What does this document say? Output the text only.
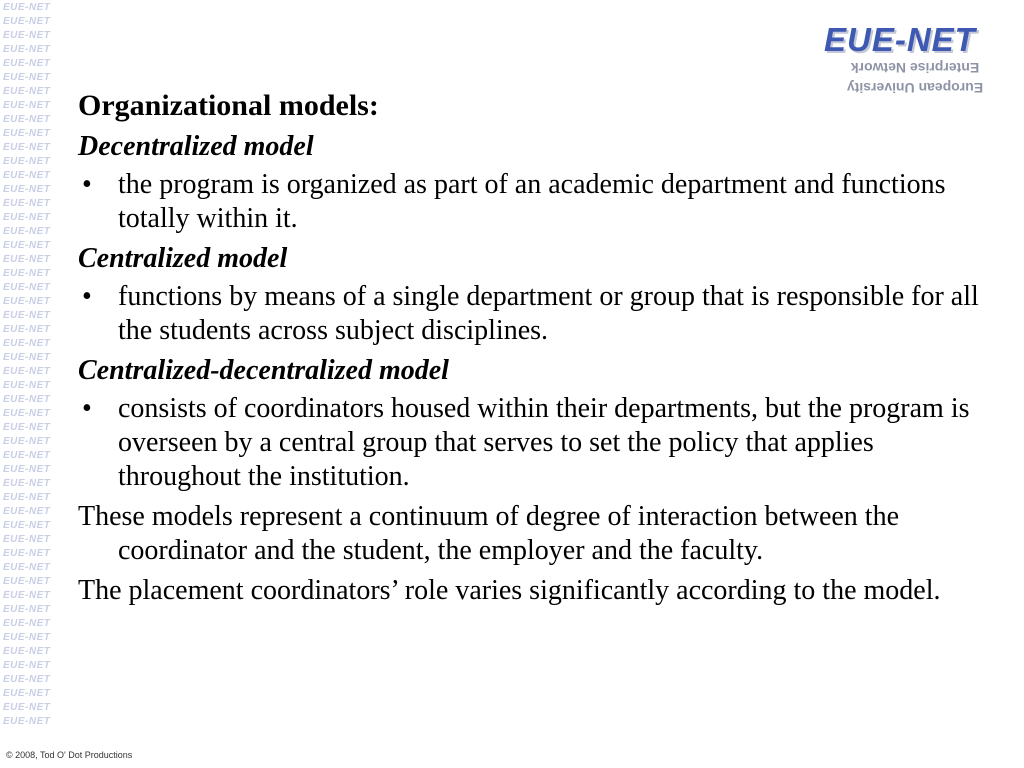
EUE-NET
EUE-NET
EUE-NET
EUE-NET
EUE-NET
EUE-NET
EUE-NET
EUE-NET
EUE-NET
EUE-NET
EUE-NET
EUE-NET
EUE-NET
EUE-NET
EUE-NET
EUE-NET
EUE-NET
EUE-NET
EUE-NET
EUE-NET
EUE-NET
EUE-NET
EUE-NET
EUE-NET
EUE-NET
EUE-NET
EUE-NET
EUE-NET
EUE-NET
EUE-NET
EUE-NET
EUE-NET
EUE-NET
EUE-NET
EUE-NET
EUE-NET
EUE-NET
EUE-NET
EUE-NET
EUE-NET
EUE-NET
EUE-NET
EUE-NET
EUE-NET
EUE-NET
EUE-NET
EUE-NET
EUE-NET
EUE-NET
EUE-NET
EUE-NET
EUE-NET
EUE-NET
Enterprise Network
European University
Organizational models:
Decentralized model
• the program is organized as part of an academic department and functions totally within it.
Centralized model
• functions by means of a single department or group that is responsible for all the students across subject disciplines.
Centralized-decentralized model
• consists of coordinators housed within their departments, but the program is overseen by a central group that serves to set the policy that applies throughout the institution.
These models represent a continuum of degree of interaction between the coordinator and the student, the employer and the faculty.
The placement coordinators’ role varies significantly according to the model.
© 2008, Tod O' Dot Productions
